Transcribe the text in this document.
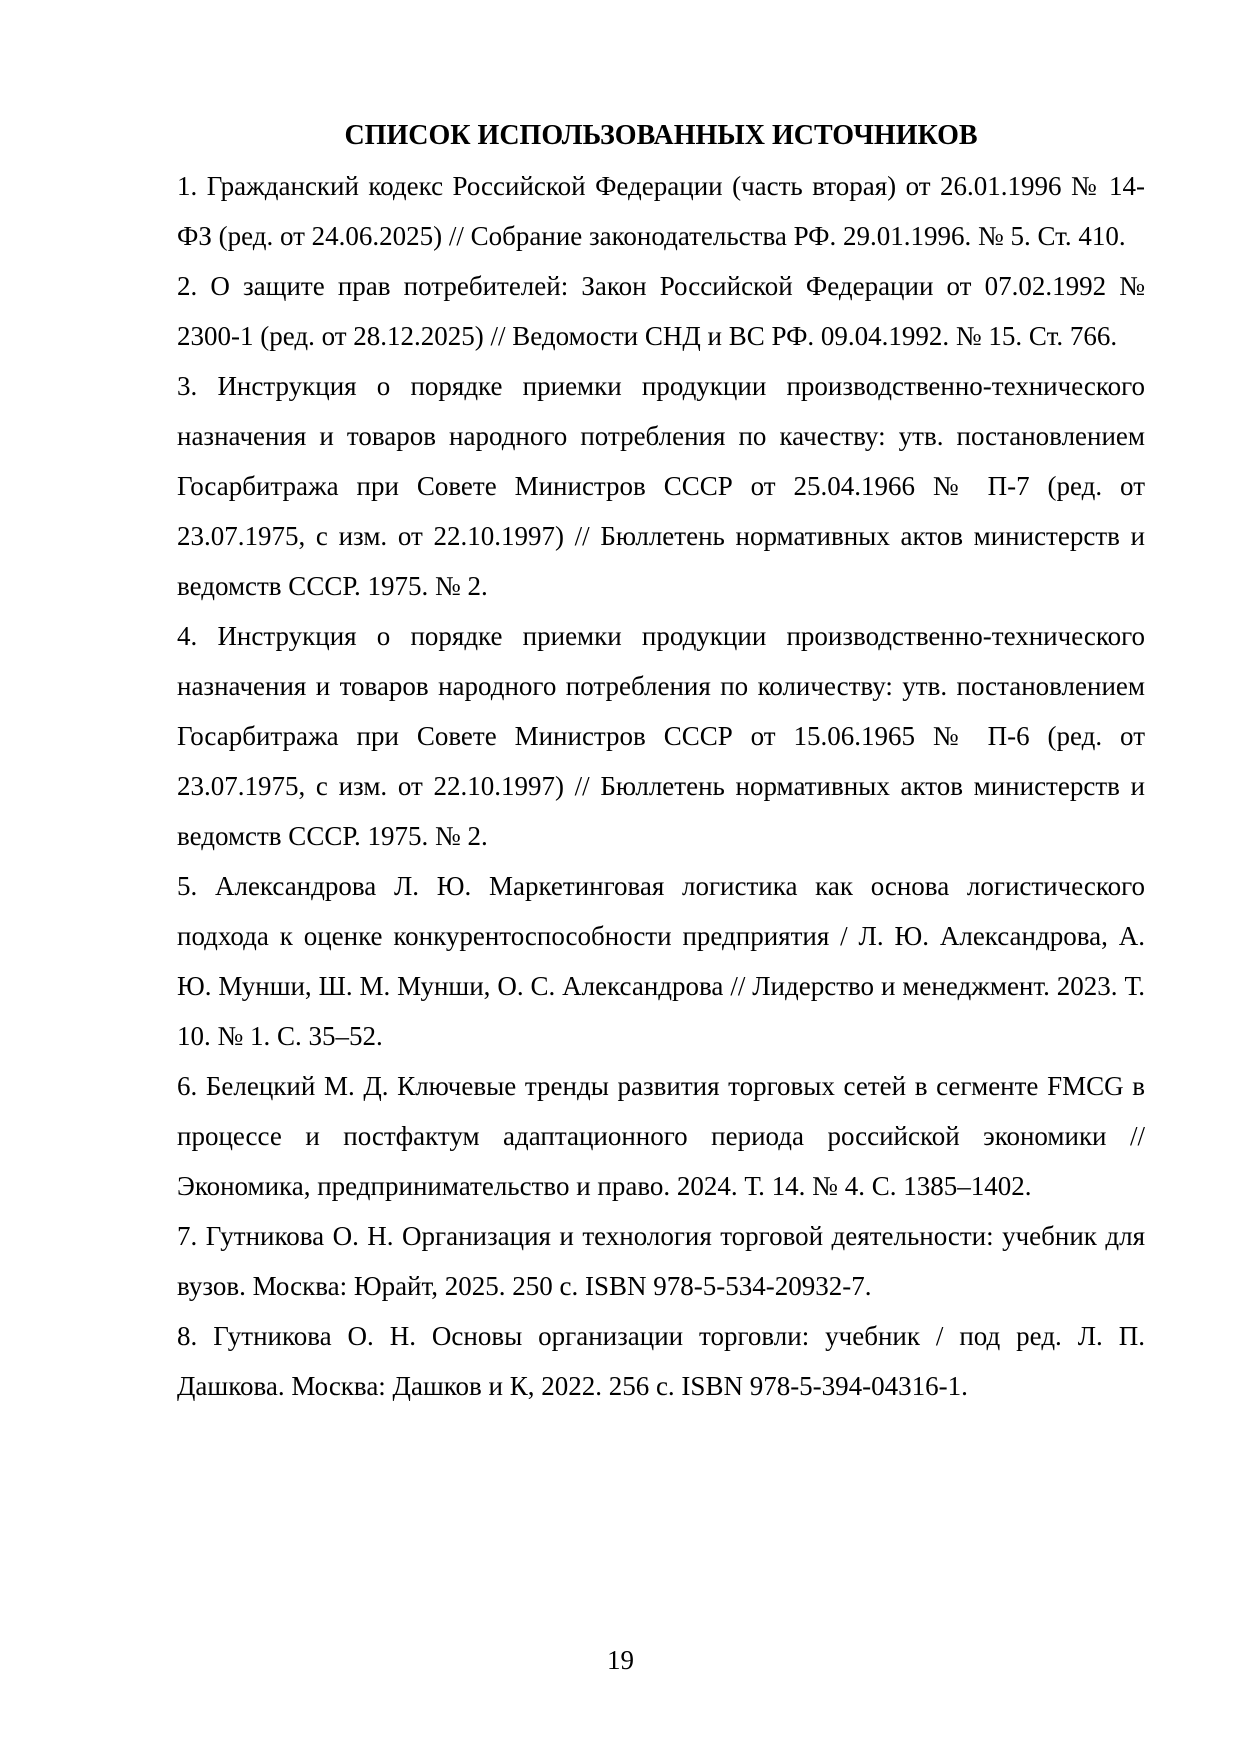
СПИСОК ИСПОЛЬЗОВАННЫХ ИСТОЧНИКОВ

1. Гражданский кодекс Российской Федерации (часть вторая) от 26.01.1996 № 14-ФЗ (ред. от 24.06.2025) // Собрание законодательства РФ. 29.01.1996. № 5. Ст. 410.

2. О защите прав потребителей: Закон Российской Федерации от 07.02.1992 № 2300-1 (ред. от 28.12.2025) // Ведомости СНД и ВС РФ. 09.04.1992. № 15. Ст. 766.

3. Инструкция о порядке приемки продукции производственно-технического назначения и товаров народного потребления по качеству: утв. постановлением Госарбитража при Совете Министров СССР от 25.04.1966 № П-7 (ред. от 23.07.1975, с изм. от 22.10.1997) // Бюллетень нормативных актов министерств и ведомств СССР. 1975. № 2.

4. Инструкция о порядке приемки продукции производственно-технического назначения и товаров народного потребления по количеству: утв. постановлением Госарбитража при Совете Министров СССР от 15.06.1965 № П-6 (ред. от 23.07.1975, с изм. от 22.10.1997) // Бюллетень нормативных актов министерств и ведомств СССР. 1975. № 2.

5. Александрова Л. Ю. Маркетинговая логистика как основа логистического подхода к оценке конкурентоспособности предприятия / Л. Ю. Александрова, А. Ю. Мунши, Ш. М. Мунши, О. С. Александрова // Лидерство и менеджмент. 2023. Т. 10. № 1. С. 35–52.

6. Белецкий М. Д. Ключевые тренды развития торговых сетей в сегменте FMCG в процессе и постфактум адаптационного периода российской экономики // Экономика, предпринимательство и право. 2024. Т. 14. № 4. С. 1385–1402.

7. Гутникова О. Н. Организация и технология торговой деятельности: учебник для вузов. Москва: Юрайт, 2025. 250 с. ISBN 978-5-534-20932-7.

8. Гутникова О. Н. Основы организации торговли: учебник / под ред. Л. П. Дашкова. Москва: Дашков и К, 2022. 256 с. ISBN 978-5-394-04316-1.

19
